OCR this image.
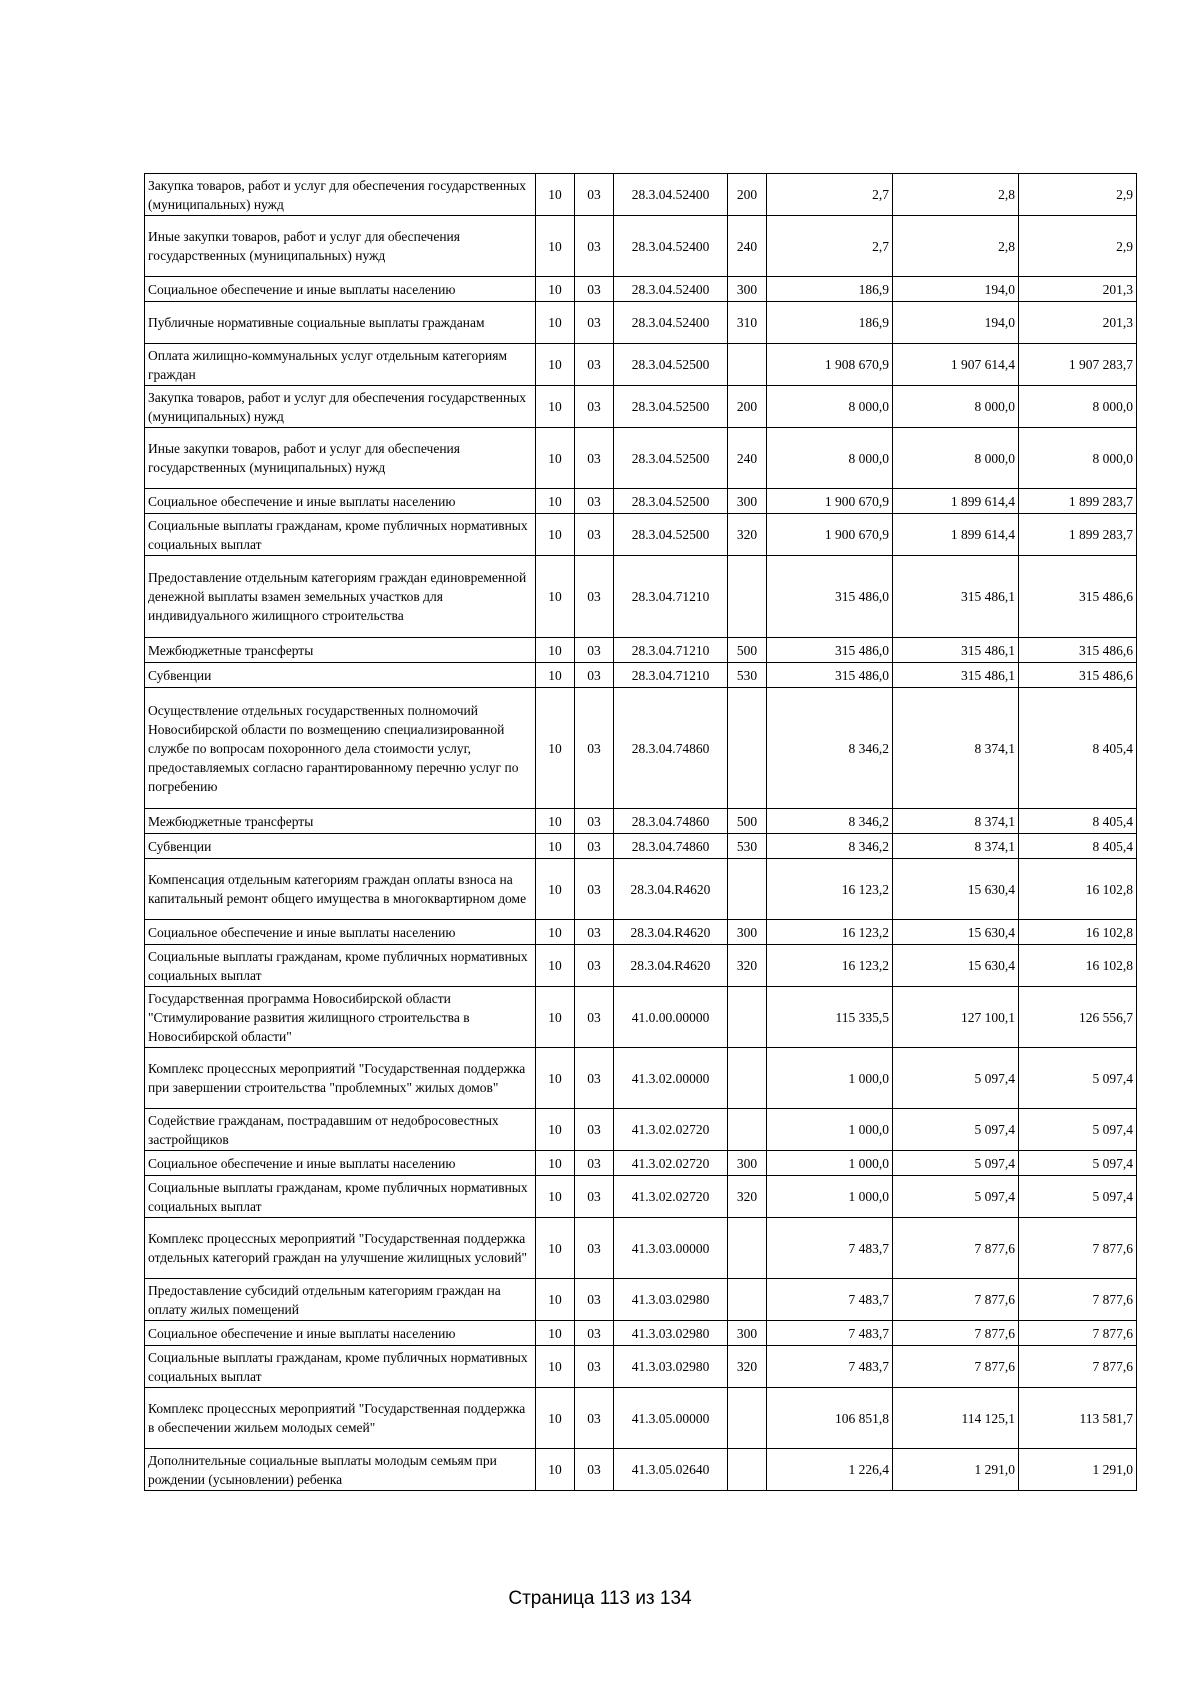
Закупка товаров, работ и услуг для обеспечения государственных (муниципальных) нужд	10	03	28.3.04.52400	200	2,7	2,8	2,9
Иные закупки товаров, работ и услуг для обеспечения государственных (муниципальных) нужд	10	03	28.3.04.52400	240	2,7	2,8	2,9
Социальное обеспечение и иные выплаты населению	10	03	28.3.04.52400	300	186,9	194,0	201,3
Публичные нормативные социальные выплаты гражданам	10	03	28.3.04.52400	310	186,9	194,0	201,3
Оплата жилищно-коммунальных услуг отдельным категориям граждан	10	03	28.3.04.52500		1 908 670,9	1 907 614,4	1 907 283,7
Закупка товаров, работ и услуг для обеспечения государственных (муниципальных) нужд	10	03	28.3.04.52500	200	8 000,0	8 000,0	8 000,0
Иные закупки товаров, работ и услуг для обеспечения государственных (муниципальных) нужд	10	03	28.3.04.52500	240	8 000,0	8 000,0	8 000,0
Социальное обеспечение и иные выплаты населению	10	03	28.3.04.52500	300	1 900 670,9	1 899 614,4	1 899 283,7
Социальные выплаты гражданам, кроме публичных нормативных социальных выплат	10	03	28.3.04.52500	320	1 900 670,9	1 899 614,4	1 899 283,7
Предоставление отдельным категориям граждан единовременной денежной выплаты взамен земельных участков для индивидуального жилищного строительства	10	03	28.3.04.71210		315 486,0	315 486,1	315 486,6
Межбюджетные трансферты	10	03	28.3.04.71210	500	315 486,0	315 486,1	315 486,6
Субвенции	10	03	28.3.04.71210	530	315 486,0	315 486,1	315 486,6
Осуществление отдельных государственных полномочий Новосибирской области по возмещению специализированной службе по вопросам похоронного дела стоимости услуг, предоставляемых согласно гарантированному перечню услуг по погребению	10	03	28.3.04.74860		8 346,2	8 374,1	8 405,4
Межбюджетные трансферты	10	03	28.3.04.74860	500	8 346,2	8 374,1	8 405,4
Субвенции	10	03	28.3.04.74860	530	8 346,2	8 374,1	8 405,4
Компенсация отдельным категориям граждан оплаты взноса на капитальный ремонт общего имущества в многоквартирном доме	10	03	28.3.04.R4620		16 123,2	15 630,4	16 102,8
Социальное обеспечение и иные выплаты населению	10	03	28.3.04.R4620	300	16 123,2	15 630,4	16 102,8
Социальные выплаты гражданам, кроме публичных нормативных социальных выплат	10	03	28.3.04.R4620	320	16 123,2	15 630,4	16 102,8
Государственная программа Новосибирской области "Стимулирование развития жилищного строительства в Новосибирской области"	10	03	41.0.00.00000		115 335,5	127 100,1	126 556,7
Комплекс процессных мероприятий "Государственная поддержка при завершении строительства "проблемных" жилых домов"	10	03	41.3.02.00000		1 000,0	5 097,4	5 097,4
Содействие гражданам, пострадавшим от недобросовестных застройщиков	10	03	41.3.02.02720		1 000,0	5 097,4	5 097,4
Социальное обеспечение и иные выплаты населению	10	03	41.3.02.02720	300	1 000,0	5 097,4	5 097,4
Социальные выплаты гражданам, кроме публичных нормативных социальных выплат	10	03	41.3.02.02720	320	1 000,0	5 097,4	5 097,4
Комплекс процессных мероприятий "Государственная поддержка отдельных категорий граждан на улучшение жилищных условий"	10	03	41.3.03.00000		7 483,7	7 877,6	7 877,6
Предоставление субсидий отдельным категориям граждан на оплату жилых помещений	10	03	41.3.03.02980		7 483,7	7 877,6	7 877,6
Социальное обеспечение и иные выплаты населению	10	03	41.3.03.02980	300	7 483,7	7 877,6	7 877,6
Социальные выплаты гражданам, кроме публичных нормативных социальных выплат	10	03	41.3.03.02980	320	7 483,7	7 877,6	7 877,6
Комплекс процессных мероприятий "Государственная поддержка в обеспечении жильем молодых семей"	10	03	41.3.05.00000		106 851,8	114 125,1	113 581,7
Дополнительные социальные выплаты молодым семьям при рождении (усыновлении) ребенка	10	03	41.3.05.02640		1 226,4	1 291,0	1 291,0
Страница 113 из 134
